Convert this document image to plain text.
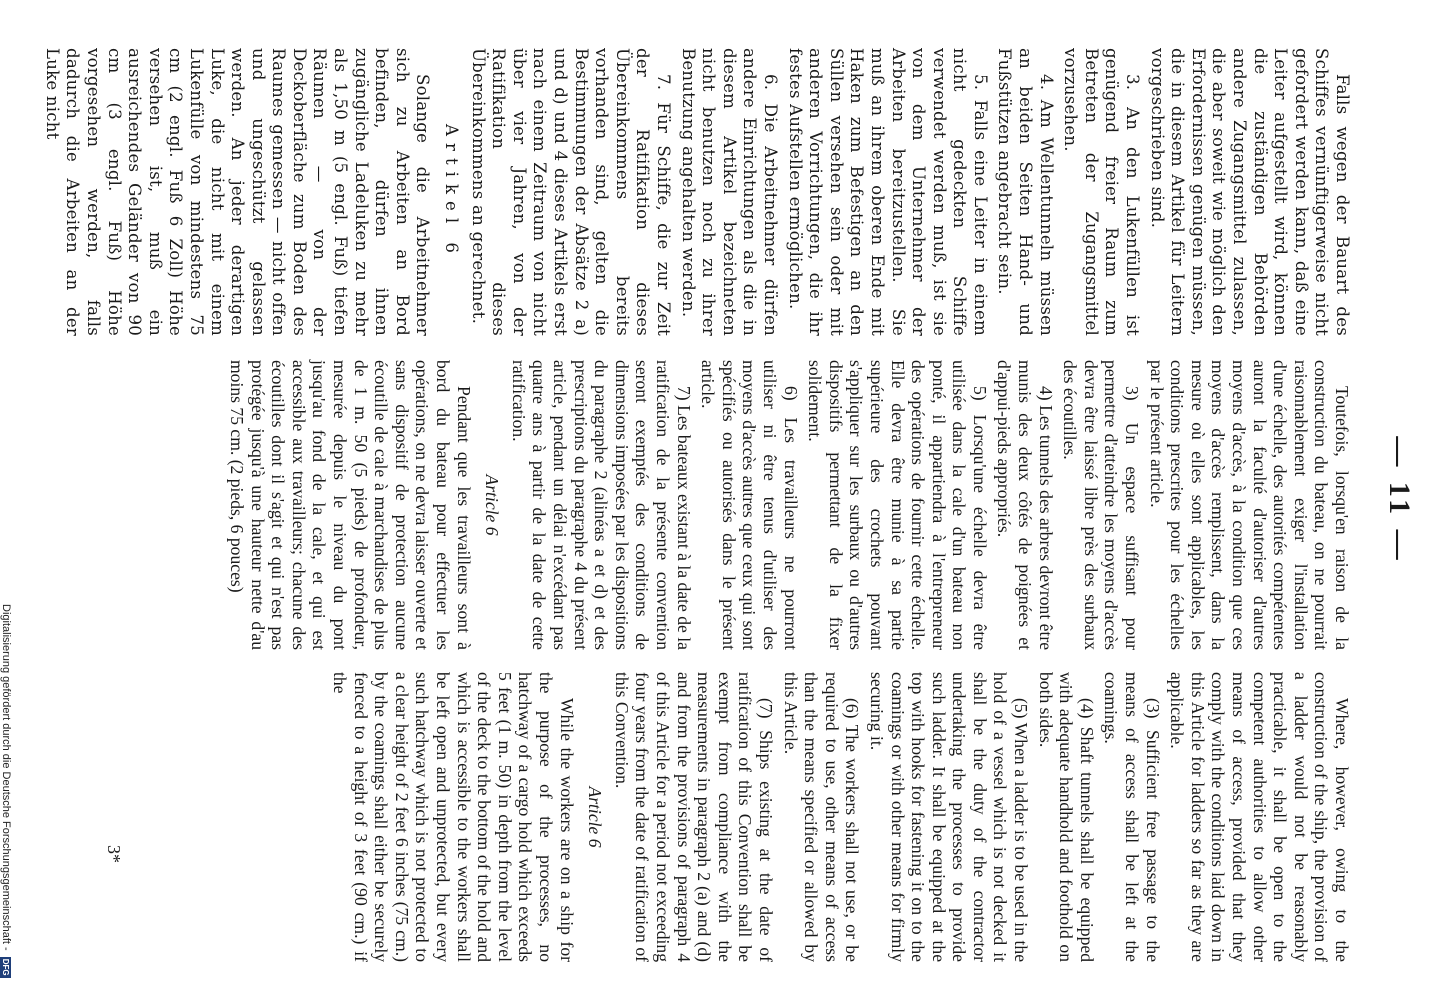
— 11 —

Falls wegen der Bauart des Schiffes vernünftigerweise nicht gefordert werden kann, daß eine Leiter aufgestellt wird, können die zuständigen Behörden andere Zugangsmittel zulassen, die aber soweit wie möglich den Erfordernissen genügen müssen, die in diesem Artikel für Leitern vorgeschrieben sind.

3. An den Lukenfüllen ist genügend freier Raum zum Betreten der Zugangsmittel vorzusehen.

4. Am Wellentunneln müssen an beiden Seiten Hand- und Fußstützen angebracht sein.

5. Falls eine Leiter in einem nicht gedeckten Schiffe verwendet werden muß, ist sie von dem Unternehmer der Arbeiten bereitzustellen. Sie muß an ihrem oberen Ende mit Haken zum Befestigen an den Süllen versehen sein oder mit anderen Vorrichtungen, die ihr festes Aufstellen ermöglichen.

6. Die Arbeitnehmer dürfen andere Einrichtungen als die in diesem Artikel bezeichneten nicht benutzen noch zu ihrer Benutzung angehalten werden.

7. Für Schiffe, die zur Zeit der Ratifikation dieses Übereinkommens bereits vorhanden sind, gelten die Bestimmungen der Absätze 2 a) und d) und 4 dieses Artikels erst nach einem Zeitraum von nicht über vier Jahren, von der Ratifikation dieses Übereinkommens an gerechnet.

Artikel 6

Solange die Arbeitnehmer sich zu Arbeiten an Bord befinden, dürfen ihnen zugängliche Ladeluken zu mehr als 1,50 m (5 engl. Fuß) tiefen Räumen — von der Deckoberfläche zum Boden des Raumes gemessen — nicht offen und ungeschützt gelassen werden. An jeder derartigen Luke, die nicht mit einem Lukenfülle von mindestens 75 cm (2 engl. Fuß 6 Zoll) Höhe versehen ist, muß ein ausreichendes Geländer von 90 cm (3 engl. Fuß) Höhe vorgesehen werden, falls dadurch die Arbeiten an der Luke nicht

Toutefois, lorsqu'en raison de la construction du bateau, on ne pourrait raisonnablement exiger l'installation d'une échelle, des autorités compétentes auront la faculté d'autoriser d'autres moyens d'accès, à la condition que ces moyens d'accès remplissent, dans la mesure où elles sont applicables, les conditions prescrites pour les échelles par le présent article.

3) Un espace suffisant pour permettre d'atteindre les moyens d'accès devra être laissé libre près des surbaux des écoutilles.

4) Les tunnels des arbres devront être munis des deux côtés de poignées et d'appui-pieds appropriés.

5) Lorsqu'une échelle devra être utilisée dans la cale d'un bateau non ponté, il appartiendra à l'entrepreneur des opérations de fournir cette échelle. Elle devra être munie à sa partie supérieure des crochets pouvant s'appliquer sur les surbaux ou d'autres dispositifs permettant de la fixer solidement.

6) Les travailleurs ne pourront utiliser ni être tenus d'utiliser des moyens d'accès autres que ceux qui sont spécifiés ou autorisés dans le présent article.

7) Les bateaux existant à la date de la ratification de la présente convention seront exemptés des conditions de dimensions imposées par les dispositions du paragraphe 2 (alinéas a et d) et des prescriptions du paragraphe 4 du présent article, pendant un délai n'excédant pas quatre ans à partir de la date de cette ratification.

Article 6

Pendant que les travailleurs sont à bord du bateau pour effectuer les opérations, on ne devra laisser ouverte et sans dispositif de protection aucune écoutille de cale à marchandises de plus de 1 m. 50 (5 pieds) de profondeur, mesurée depuis le niveau du pont jusqu'au fond de la cale, et qui est accessible aux travailleurs; chacune des écoutilles dont il s'agit et qui n'est pas protégée jusqu'à une hauteur nette d'au moins 75 cm. (2 pieds, 6 pouces)

Where, however, owing to the construction of the ship, the provision of a ladder would not be reasonably practicable, it shall be open to the competent authorities to allow other means of access, provided that they comply with the conditions laid down in this Article for ladders so far as they are applicable.

(3) Sufficient free passage to the means of access shall be left at the coamings.

(4) Shaft tunnels shall be equipped with adequate handhold and foothold on both sides.

(5) When a ladder is to be used in the hold of a vessel which is not decked it shall be the duty of the contractor undertaking the processes to provide such ladder. It shall be equipped at the top with hooks for fastening it on to the coamings or with other means for firmly securing it.

(6) The workers shall not use, or be required to use, other means of access than the means specified or allowed by this Article.

(7) Ships existing at the date of ratification of this Convention shall be exempt from compliance with the measurements in paragraph 2 (a) and (d) and from the provisions of paragraph 4 of this Article for a period not exceeding four years from the date of ratification of this Convention.

Article 6

While the workers are on a ship for the purpose of the processes, no hatchway of a cargo hold which exceeds 5 feet (1 m. 50) in depth from the level of the deck to the bottom of the hold and which is accessible to the workers shall be left open and unprotected, but every such hatchway which is not protected to a clear height of 2 feet 6 inches (75 cm.) by the coamings shall either be securely fenced to a height of 3 feet (90 cm.) if the

3*
Digitalisierung gefördert durch die Deutsche Forschungsgemeinschaft - DFG
